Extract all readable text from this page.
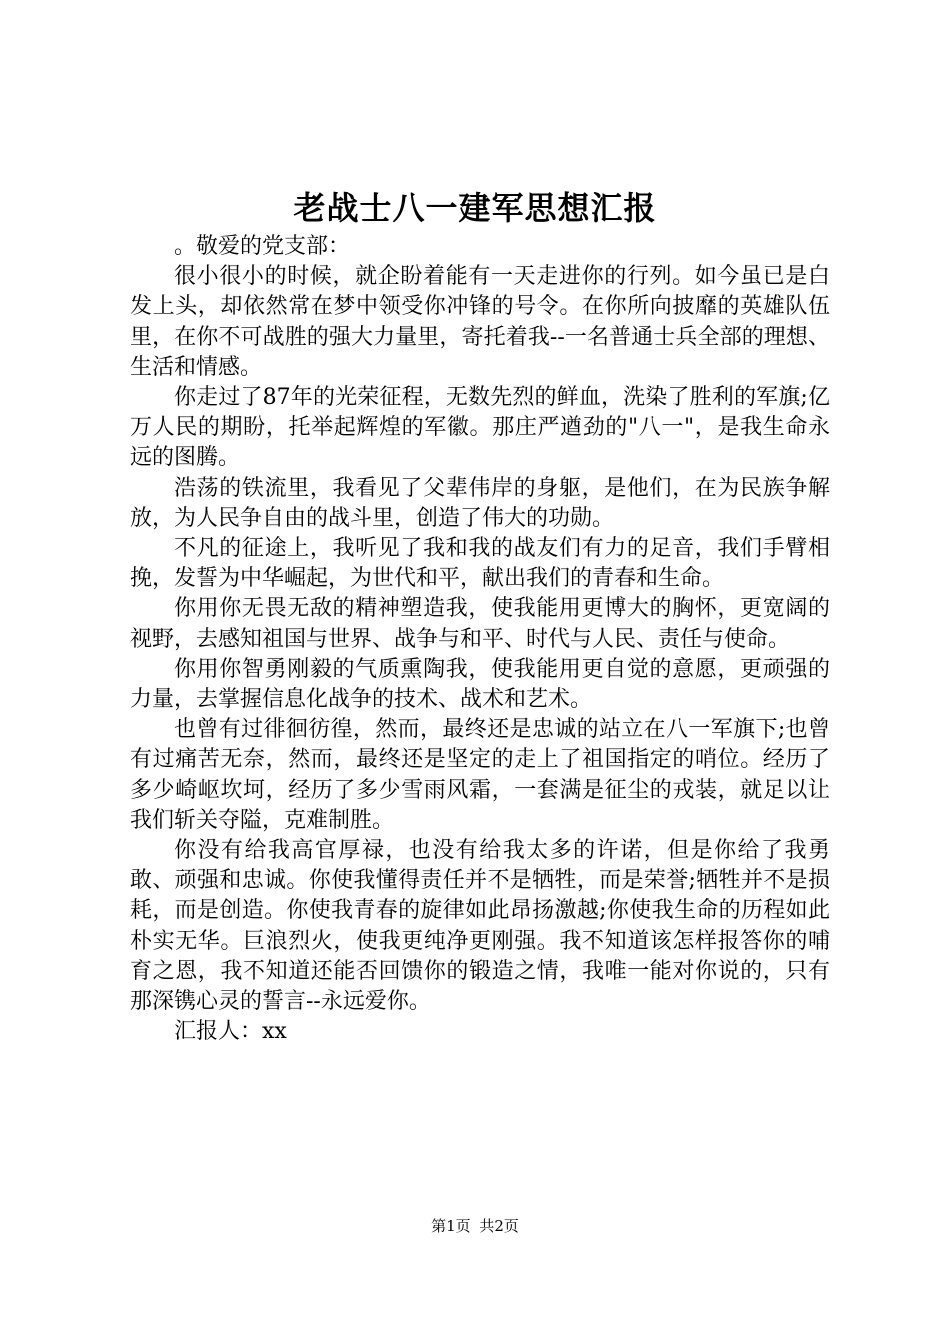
老战士八一建军思想汇报

。敬爱的党支部：

很小很小的时候，就企盼着能有一天走进你的行列。如今虽已是白发上头，却依然常在梦中领受你冲锋的号令。在你所向披靡的英雄队伍里，在你不可战胜的强大力量里，寄托着我--一名普通士兵全部的理想、生活和情感。

你走过了87年的光荣征程，无数先烈的鲜血，洗染了胜利的军旗;亿万人民的期盼，托举起辉煌的军徽。那庄严遒劲的"八一"，是我生命永远的图腾。

浩荡的铁流里，我看见了父辈伟岸的身躯，是他们，在为民族争解放，为人民争自由的战斗里，创造了伟大的功勋。

不凡的征途上，我听见了我和我的战友们有力的足音，我们手臂相挽，发誓为中华崛起，为世代和平，献出我们的青春和生命。

你用你无畏无敌的精神塑造我，使我能用更博大的胸怀，更宽阔的视野，去感知祖国与世界、战争与和平、时代与人民、责任与使命。

你用你智勇刚毅的气质熏陶我，使我能用更自觉的意愿，更顽强的力量，去掌握信息化战争的技术、战术和艺术。

也曾有过徘徊彷徨，然而，最终还是忠诚的站立在八一军旗下;也曾有过痛苦无奈，然而，最终还是坚定的走上了祖国指定的哨位。经历了多少崎岖坎坷，经历了多少雪雨风霜，一套满是征尘的戎装，就足以让我们斩关夺隘，克难制胜。

你没有给我高官厚禄，也没有给我太多的许诺，但是你给了我勇敢、顽强和忠诚。你使我懂得责任并不是牺牲，而是荣誉;牺牲并不是损耗，而是创造。你使我青春的旋律如此昂扬激越;你使我生命的历程如此朴实无华。巨浪烈火，使我更纯净更刚强。我不知道该怎样报答你的哺育之恩，我不知道还能否回馈你的锻造之情，我唯一能对你说的，只有那深镌心灵的誓言--永远爱你。

汇报人：xx

第1页 共2页
